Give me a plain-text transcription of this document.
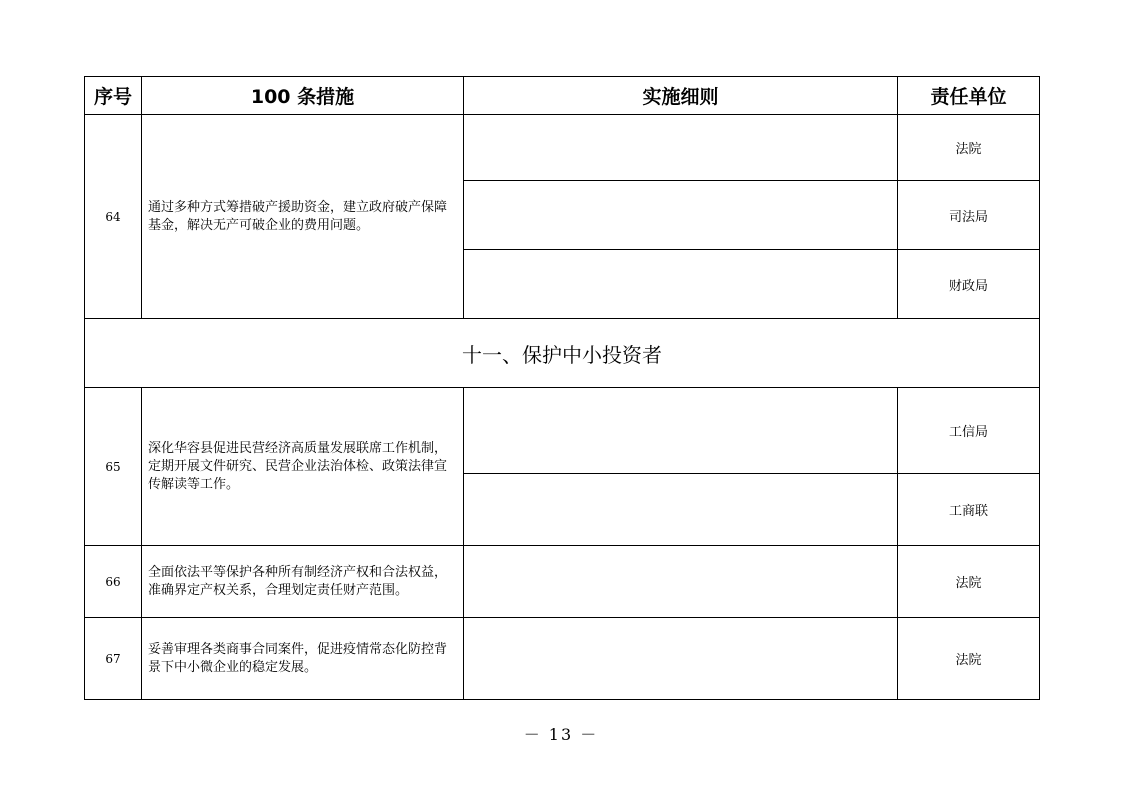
序号	100 条措施	实施细则	责任单位
64	通过多种方式筹措破产援助资金，建立政府破产保障基金，解决无产可破企业的费用问题。		法院
			司法局
			财政局
十一、保护中小投资者			
65	深化华容县促进民营经济高质量发展联席工作机制，定期开展文件研究、民营企业法治体检、政策法律宣传解读等工作。		工信局
			工商联
66	全面依法平等保护各种所有制经济产权和合法权益，准确界定产权关系，合理划定责任财产范围。		法院
67	妥善审理各类商事合同案件，促进疫情常态化防控背景下中小微企业的稳定发展。		法院
－ 13 －
